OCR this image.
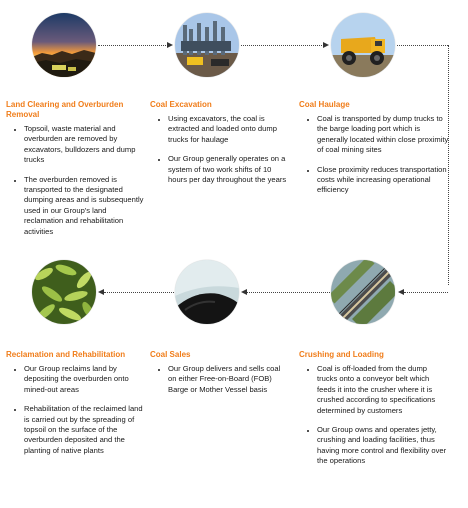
Land Clearing and Overburden Removal
• Topsoil, waste material and overburden are removed by excavators, bulldozers and dump trucks
• The overburden removed is transported to the designated dumping areas and is subsequently used in our Group's land reclamation and rehabilitation activities
Coal Excavation
• Using excavators, the coal is extracted and loaded onto dump trucks for haulage
• Our Group generally operates on a system of two work shifts of 10 hours per day throughout the years
Coal Haulage
• Coal is transported by dump trucks to the barge loading port which is generally located within close proximity of coal mining sites
• Close proximity reduces transportation costs while increasing operational efficiency
Reclamation and Rehabilitation
• Our Group reclaims land by depositing the overburden onto mined-out areas
• Rehabilitation of the reclaimed land is carried out by the spreading of topsoil on the surface of the overburden deposited and the planting of native plants
Coal Sales
• Our Group delivers and sells coal on either Free-on-Board (FOB) Barge or Mother Vessel basis
Crushing and Loading
• Coal is off-loaded from the dump trucks onto a conveyor belt which feeds it into the crusher where it is crushed according to specifications determined by customers
• Our Group owns and operates jetty, crushing and loading facilities, thus having more control and flexibility over the operations
